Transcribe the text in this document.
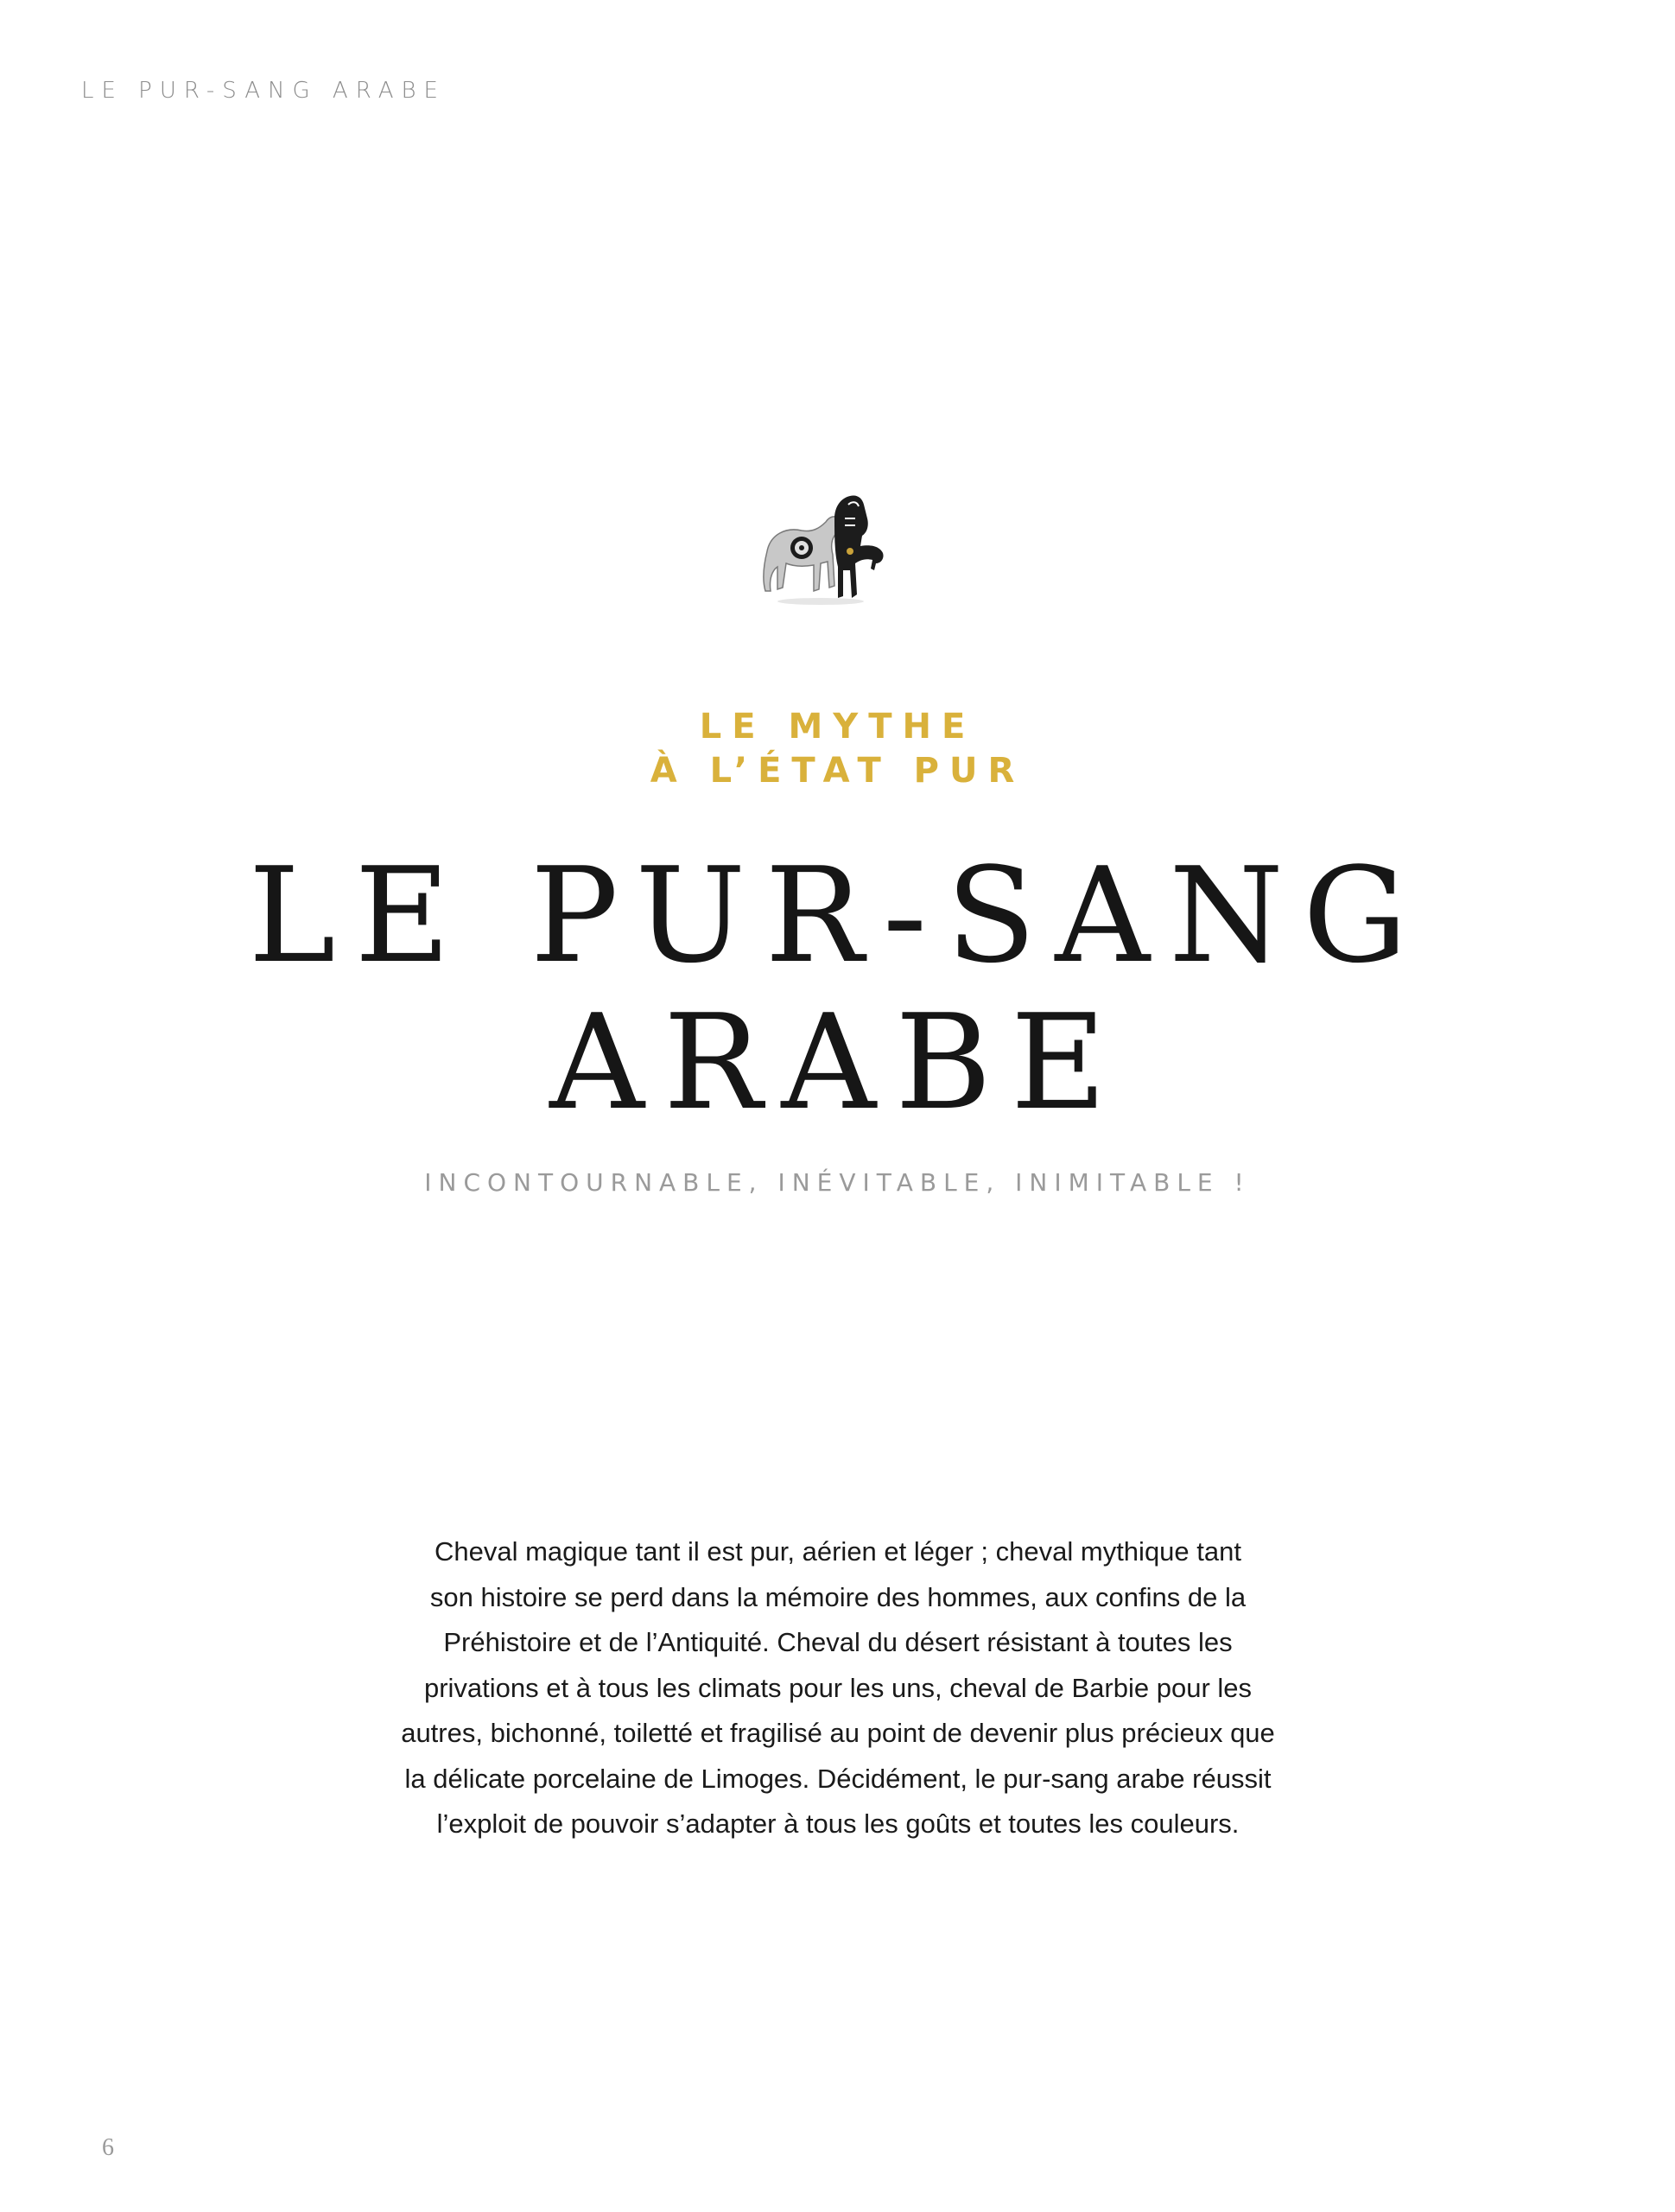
LE PUR-SANG ARABE
LE MYTHE
À L’ÉTAT PUR
LE PUR-SANG
ARABE
INCONTOURNABLE, INÉVITABLE, INIMITABLE !

Cheval magique tant il est pur, aérien et léger ; cheval mythique tant
son histoire se perd dans la mémoire des hommes, aux confins de la
Préhistoire et de l’Antiquité. Cheval du désert résistant à toutes les
privations et à tous les climats pour les uns, cheval de Barbie pour les
autres, bichonné, toiletté et fragilisé au point de devenir plus précieux que
la délicate porcelaine de Limoges. Décidément, le pur-sang arabe réussit
l’exploit de pouvoir s’adapter à tous les goûts et toutes les couleurs.

6
